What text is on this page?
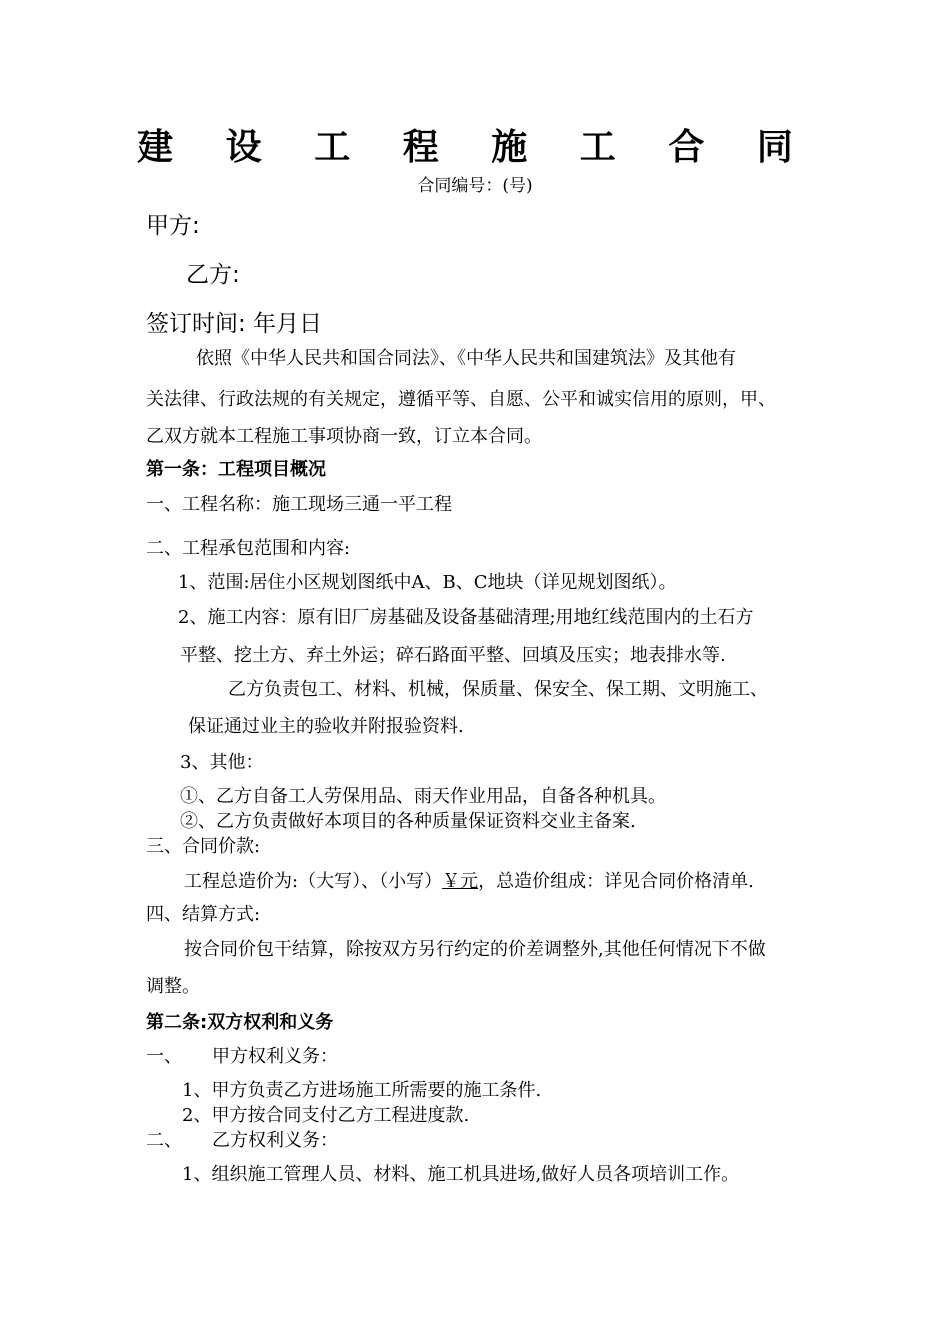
建 设 工 程 施 工 合 同
合同编号：(号)
甲方:
乙方:
签订时间: 年月日
依照《中华人民共和国合同法》、《中华人民共和国建筑法》及其他有
关法律、行政法规的有关规定，遵循平等、自愿、公平和诚实信用的原则，甲、
乙双方就本工程施工事项协商一致，订立本合同。
第一条：工程项目概况
一、工程名称：施工现场三通一平工程
二、工程承包范围和内容:
1、范围:居住小区规划图纸中A、B、C地块（详见规划图纸）。
2、施工内容：原有旧厂房基础及设备基础清理;用地红线范围内的土石方
平整、挖土方、弃土外运；碎石路面平整、回填及压实；地表排水等.
乙方负责包工、材料、机械，保质量、保安全、保工期、文明施工、
保证通过业主的验收并附报验资料.
3、其他：
①、乙方自备工人劳保用品、雨天作业用品，自备各种机具。
②、乙方负责做好本项目的各种质量保证资料交业主备案.
三、合同价款:
工程总造价为:（大写）、（小写）￥元，总造价组成：详见合同价格清单.
四、结算方式:
按合同价包干结算，除按双方另行约定的价差调整外,其他任何情况下不做
调整。
第二条:双方权利和义务
一、 甲方权利义务：
1、甲方负责乙方进场施工所需要的施工条件.
2、甲方按合同支付乙方工程进度款.
二、 乙方权利义务：
1、组织施工管理人员、材料、施工机具进场,做好人员各项培训工作。
